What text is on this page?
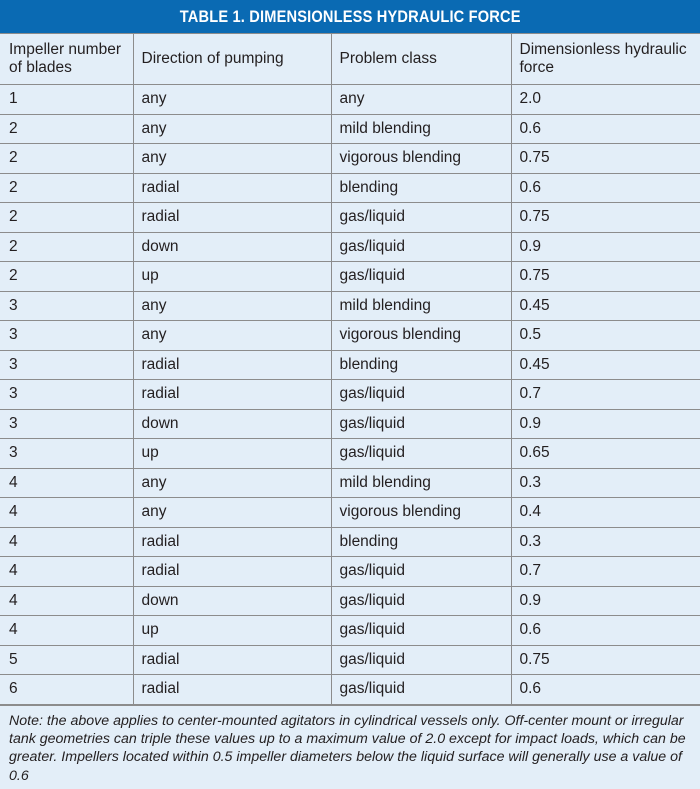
TABLE 1. DIMENSIONLESS HYDRAULIC FORCE
Impeller number of blades	Direction of pumping	Problem class	Dimensionless hydraulic force

1	any	any	2.0
2	any	mild blending	0.6
2	any	vigorous blending	0.75
2	radial	blending	0.6
2	radial	gas/liquid	0.75
2	down	gas/liquid	0.9
2	up	gas/liquid	0.75
3	any	mild blending	0.45
3	any	vigorous blending	0.5
3	radial	blending	0.45
3	radial	gas/liquid	0.7
3	down	gas/liquid	0.9
3	up	gas/liquid	0.65
4	any	mild blending	0.3
4	any	vigorous blending	0.4
4	radial	blending	0.3
4	radial	gas/liquid	0.7
4	down	gas/liquid	0.9
4	up	gas/liquid	0.6
5	radial	gas/liquid	0.75
6	radial	gas/liquid	0.6
Note: the above applies to center-mounted agitators in cylindrical vessels only. Off-center mount or irregular tank geometries can triple these values up to a maximum value of 2.0 except for impact loads, which can be greater. Impellers located within 0.5 impeller diameters below the liquid surface will generally use a value of 0.6
